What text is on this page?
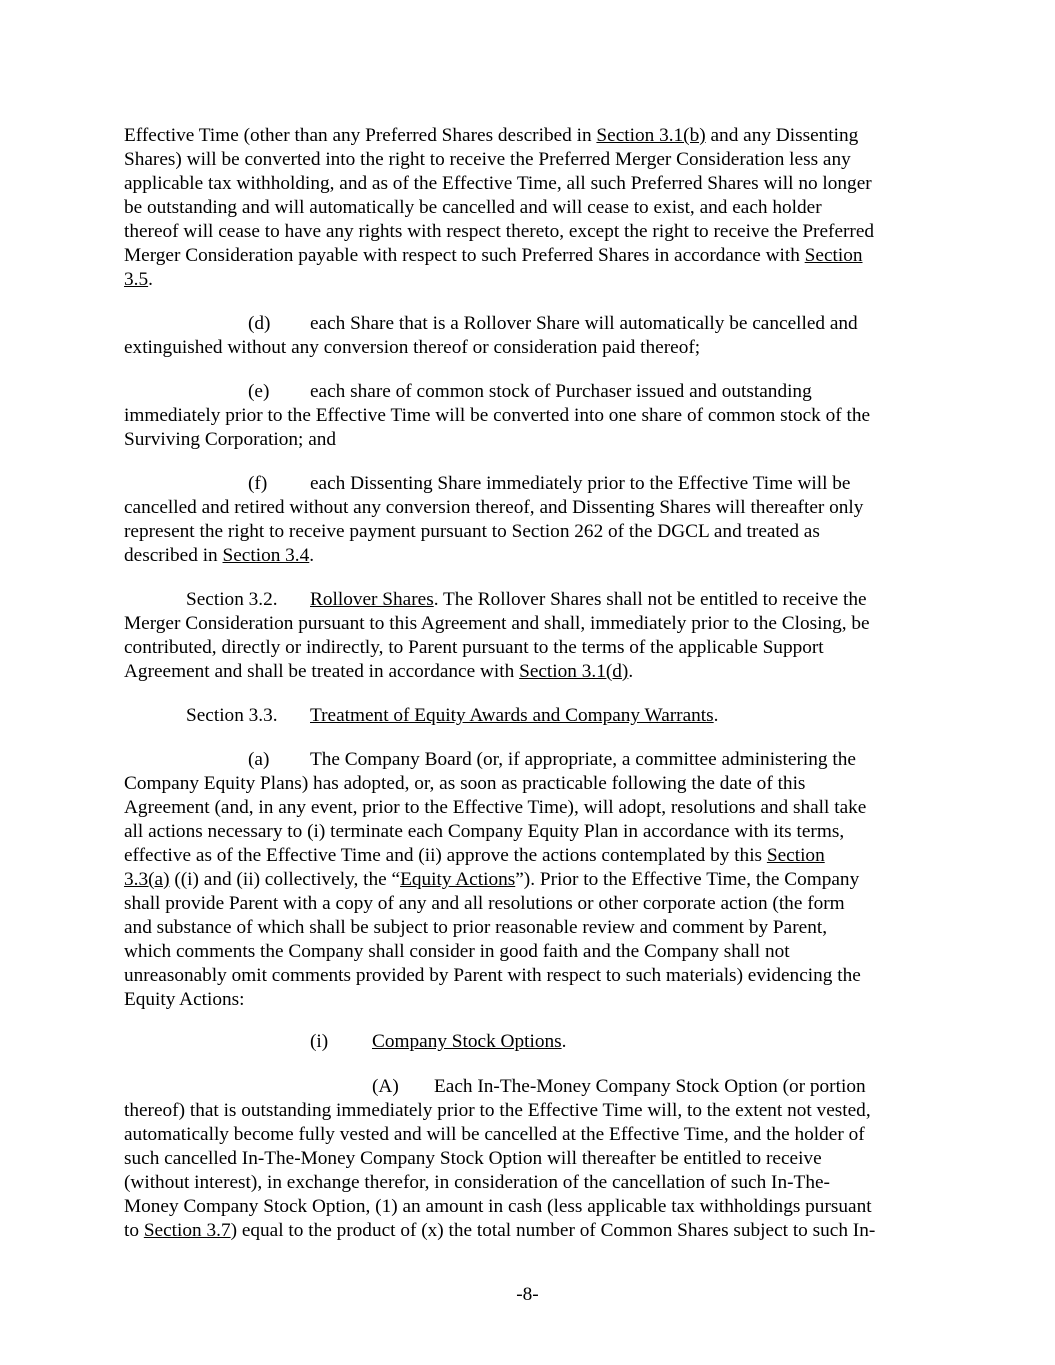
Effective Time (other than any Preferred Shares described in Section 3.1(b) and any Dissenting
Shares) will be converted into the right to receive the Preferred Merger Consideration less any
applicable tax withholding, and as of the Effective Time, all such Preferred Shares will no longer
be outstanding and will automatically be cancelled and will cease to exist, and each holder
thereof will cease to have any rights with respect thereto, except the right to receive the Preferred
Merger Consideration payable with respect to such Preferred Shares in accordance with Section
3.5.

(d) each Share that is a Rollover Share will automatically be cancelled and
extinguished without any conversion thereof or consideration paid thereof;

(e) each share of common stock of Purchaser issued and outstanding
immediately prior to the Effective Time will be converted into one share of common stock of the
Surviving Corporation; and

(f) each Dissenting Share immediately prior to the Effective Time will be
cancelled and retired without any conversion thereof, and Dissenting Shares will thereafter only
represent the right to receive payment pursuant to Section 262 of the DGCL and treated as
described in Section 3.4.

Section 3.2. Rollover Shares. The Rollover Shares shall not be entitled to receive the
Merger Consideration pursuant to this Agreement and shall, immediately prior to the Closing, be
contributed, directly or indirectly, to Parent pursuant to the terms of the applicable Support
Agreement and shall be treated in accordance with Section 3.1(d).

Section 3.3. Treatment of Equity Awards and Company Warrants.

(a) The Company Board (or, if appropriate, a committee administering the
Company Equity Plans) has adopted, or, as soon as practicable following the date of this
Agreement (and, in any event, prior to the Effective Time), will adopt, resolutions and shall take
all actions necessary to (i) terminate each Company Equity Plan in accordance with its terms,
effective as of the Effective Time and (ii) approve the actions contemplated by this Section
3.3(a) ((i) and (ii) collectively, the “Equity Actions”). Prior to the Effective Time, the Company
shall provide Parent with a copy of any and all resolutions or other corporate action (the form
and substance of which shall be subject to prior reasonable review and comment by Parent,
which comments the Company shall consider in good faith and the Company shall not
unreasonably omit comments provided by Parent with respect to such materials) evidencing the
Equity Actions:

(i) Company Stock Options.

(A) Each In-The-Money Company Stock Option (or portion
thereof) that is outstanding immediately prior to the Effective Time will, to the extent not vested,
automatically become fully vested and will be cancelled at the Effective Time, and the holder of
such cancelled In-The-Money Company Stock Option will thereafter be entitled to receive
(without interest), in exchange therefor, in consideration of the cancellation of such In-The-
Money Company Stock Option, (1) an amount in cash (less applicable tax withholdings pursuant
to Section 3.7) equal to the product of (x) the total number of Common Shares subject to such In-

-8-
